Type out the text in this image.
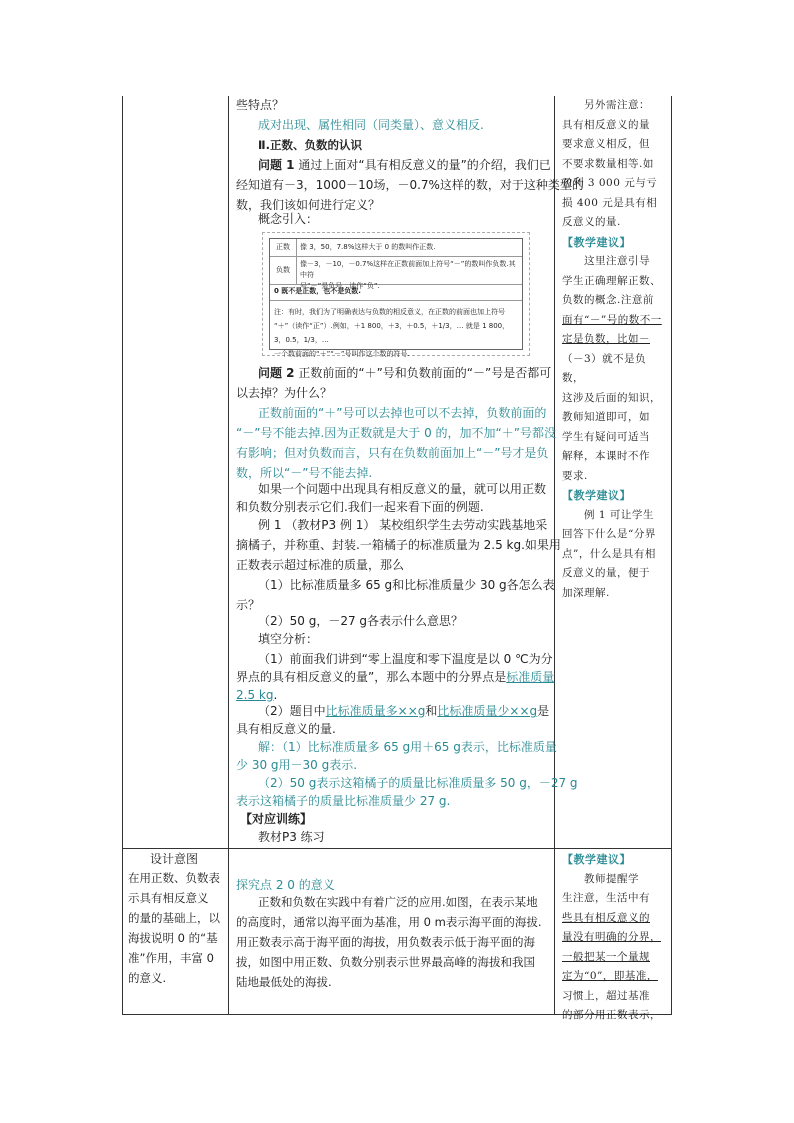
些特点？
成对出现、属性相同（同类量）、意义相反.
Ⅱ.正数、负数的认识
问题 1 通过上面对“具有相反意义的量”的介绍，我们已
经知道有－3，1000－10场，－0.7%这样的数，对于这种类型的
数，我们该如何进行定义？
概念引入：
正数	像 3，50，7.8%这样大于 0 的数叫作正数.
负数
像－3，－10，－0.7%这样在正数前面加上符号“－”的数叫作负数.其中符
号“－”是负号，读作“负”.
0 既不是正数，也不是负数.
注：有时，我们为了明确表达与负数的相反意义，在正数的前面也加上符号
“＋”（读作“正”）.例如，＋1 800，＋3，＋0.5，＋1/3，… 就是 1 800，3，0.5，1/3，…
一个数前面的“＋”“－”号叫作这个数的符号.
问题 2 正数前面的“＋”号和负数前面的“－”号是否都可
以去掉？为什么？
正数前面的“＋”号可以去掉也可以不去掉，负数前面的
“－”号不能去掉.因为正数就是大于 0 的，加不加“＋”号都没
有影响；但对负数而言，只有在负数前面加上“－”号才是负
数，所以“－”号不能去掉.
如果一个问题中出现具有相反意义的量，就可以用正数
和负数分别表示它们.我们一起来看下面的例题.
例 1 （教材P3 例 1） 某校组织学生去劳动实践基地采
摘橘子，并称重、封装.一箱橘子的标准质量为 2.5 kg.如果用
正数表示超过标准的质量，那么
（1）比标准质量多 65 g和比标准质量少 30 g各怎么表
示？
（2）50 g，－27 g各表示什么意思？
填空分析：
（1）前面我们讲到“零上温度和零下温度是以 0 ℃为分
界点的具有相反意义的量”，那么本题中的分界点是标准质量
2.5 kg.
（2）题目中比标准质量多××g和比标准质量少××g是
具有相反意义的量.
解：（1）比标准质量多 65 g用＋65 g表示，比标准质量
少 30 g用－30 g表示.
（2）50 g表示这箱橘子的质量比标准质量多 50 g，－27 g
表示这箱橘子的质量比标准质量少 27 g.
【对应训练】
教材P3 练习
另外需注意：
具有相反意义的量
要求意义相反，但
不要求数量相等.如
盈利 3 000 元与亏
损 400 元是具有相
反意义的量.
【教学建议】
这里注意引导
学生正确理解正数、
负数的概念.注意前
面有“－”号的数不一
定是负数，比如－
（－3）就不是负数，
这涉及后面的知识，
教师知道即可，如
学生有疑问可适当
解释，本课时不作
要求.
【教学建议】
例 1 可让学生
回答下什么是“分界
点”，什么是具有相
反意义的量，便于
加深理解.
设计意图
在用正数、负数表
示具有相反意义
的量的基础上，以
海拔说明 0 的“基
准”作用，丰富 0
的意义.
探究点 2 0 的意义
正数和负数在实践中有着广泛的应用.如图，在表示某地
的高度时，通常以海平面为基准，用 0 m表示海平面的海拔.
用正数表示高于海平面的海拔，用负数表示低于海平面的海
拔，如图中用正数、负数分别表示世界最高峰的海拔和我国
陆地最低处的海拔.
【教学建议】
教师提醒学
生注意，生活中有
些具有相反意义的
量没有明确的分界，
一般把某一个量规
定为“0”，即基准，
习惯上，超过基准
的部分用正数表示，
